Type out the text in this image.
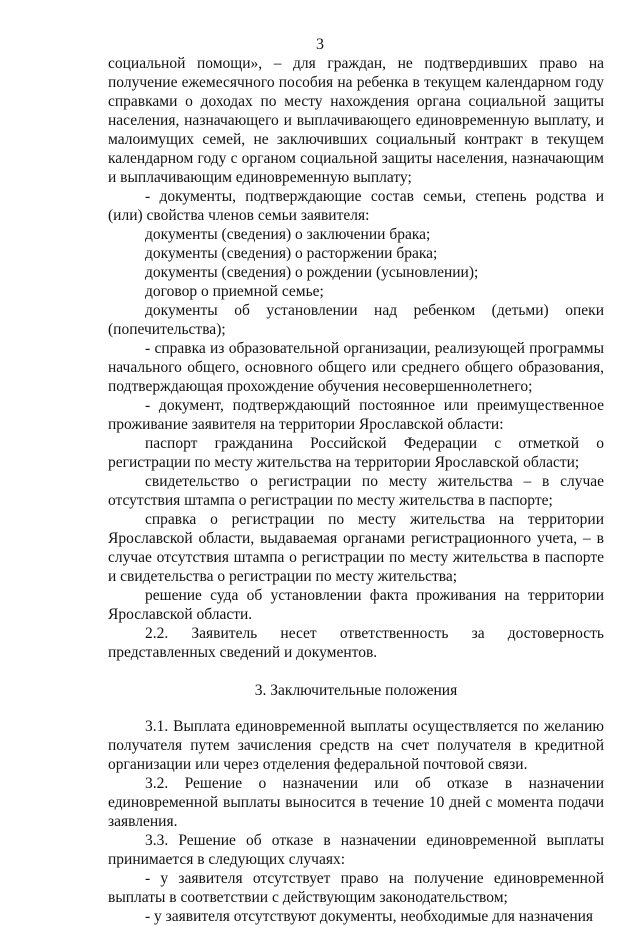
3

социальной помощи», – для граждан, не подтвердивших право на получение ежемесячного пособия на ребенка в текущем календарном году справками о доходах по месту нахождения органа социальной защиты населения, назначающего и выплачивающего единовременную выплату, и малоимущих семей, не заключивших социальный контракт в текущем календарном году с органом социальной защиты населения, назначающим и выплачивающим единовременную выплату;

- документы, подтверждающие состав семьи, степень родства и (или) свойства членов семьи заявителя:

документы (сведения) о заключении брака;

документы (сведения) о расторжении брака;

документы (сведения) о рождении (усыновлении);

договор о приемной семье;

документы об установлении над ребенком (детьми) опеки (попечительства);

- справка из образовательной организации, реализующей программы начального общего, основного общего или среднего общего образования, подтверждающая прохождение обучения несовершеннолетнего;

- документ, подтверждающий постоянное или преимущественное проживание заявителя на территории Ярославской области:

паспорт гражданина Российской Федерации с отметкой о регистрации по месту жительства на территории Ярославской области;

свидетельство о регистрации по месту жительства – в случае отсутствия штампа о регистрации по месту жительства в паспорте;

справка о регистрации по месту жительства на территории Ярославской области, выдаваемая органами регистрационного учета, – в случае отсутствия штампа о регистрации по месту жительства в паспорте и свидетельства о регистрации по месту жительства;

решение суда об установлении факта проживания на территории Ярославской области.

2.2. Заявитель несет ответственность за достоверность представленных сведений и документов.

3. Заключительные положения

3.1. Выплата единовременной выплаты осуществляется по желанию получателя путем зачисления средств на счет получателя в кредитной организации или через отделения федеральной почтовой связи.

3.2. Решение о назначении или об отказе в назначении единовременной выплаты выносится в течение 10 дней с момента подачи заявления.

3.3. Решение об отказе в назначении единовременной выплаты принимается в следующих случаях:

- у заявителя отсутствует право на получение единовременной выплаты в соответствии с действующим законодательством;

- у заявителя отсутствуют документы, необходимые для назначения
